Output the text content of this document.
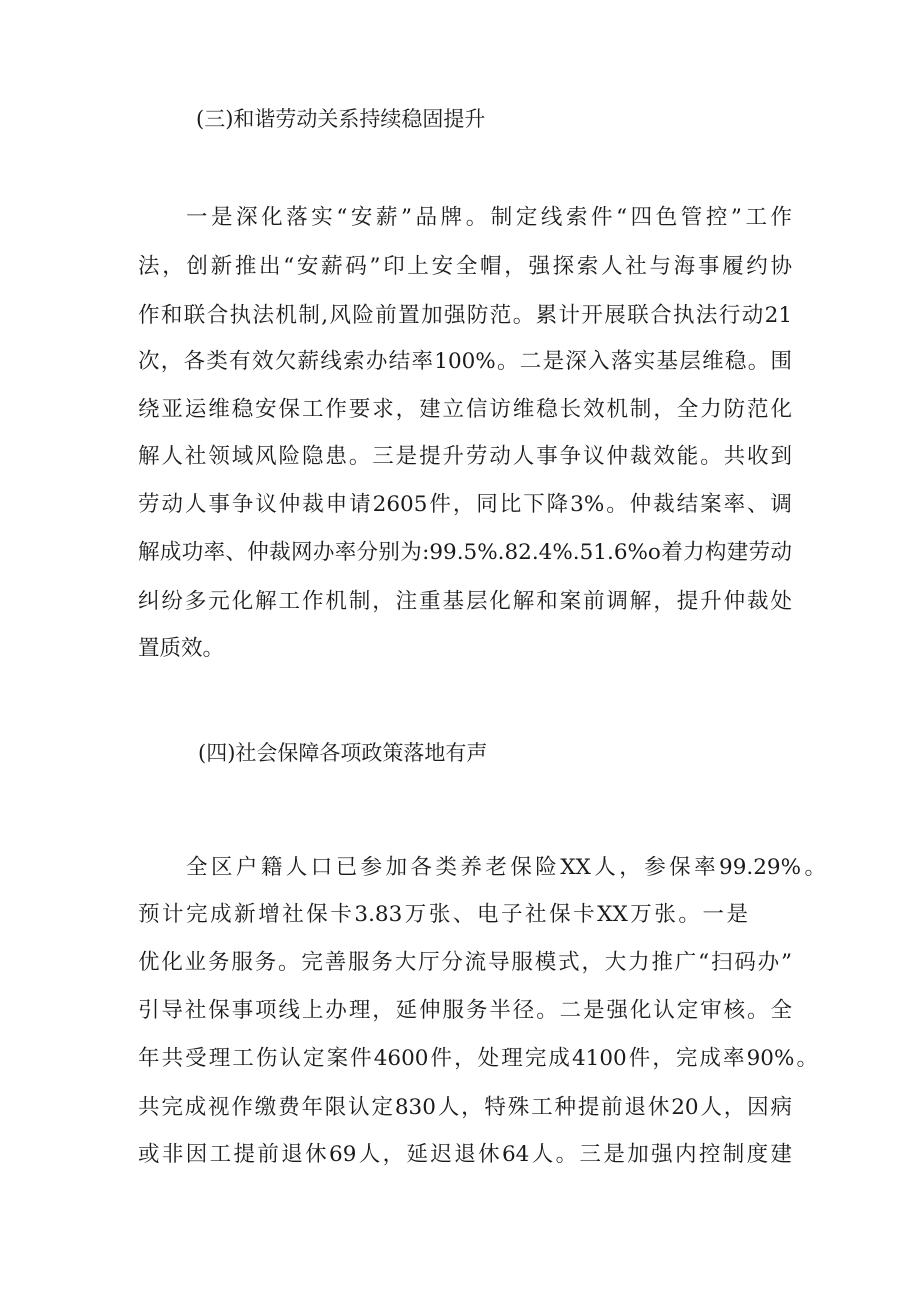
(三)和谐劳动关系持续稳固提升
一是深化落实“安薪”品牌。制定线索件“四色管控”工作
法，创新推出“安薪码”印上安全帽，强探索人社与海事履约协
作和联合执法机制,风险前置加强防范。累计开展联合执法行动21
次，各类有效欠薪线索办结率100%。二是深入落实基层维稳。围
绕亚运维稳安保工作要求，建立信访维稳长效机制，全力防范化
解人社领域风险隐患。三是提升劳动人事争议仲裁效能。共收到
劳动人事争议仲裁申请2605件，同比下降3%。仲裁结案率、调
解成功率、仲裁网办率分别为:99.5%.82.4%.51.6%o着力构建劳动
纠纷多元化解工作机制，注重基层化解和案前调解，提升仲裁处
置质效。
(四)社会保障各项政策落地有声
全区户籍人口已参加各类养老保险XX人，参保率99.29%。
预计完成新增社保卡3.83万张、电子社保卡XX万张。一是
优化业务服务。完善服务大厅分流导服模式，大力推广“扫码办”
引导社保事项线上办理，延伸服务半径。二是强化认定审核。全
年共受理工伤认定案件4600件，处理完成4100件，完成率90%。
共完成视作缴费年限认定830人，特殊工种提前退休20人，因病
或非因工提前退休69人，延迟退休64人。三是加强内控制度建
